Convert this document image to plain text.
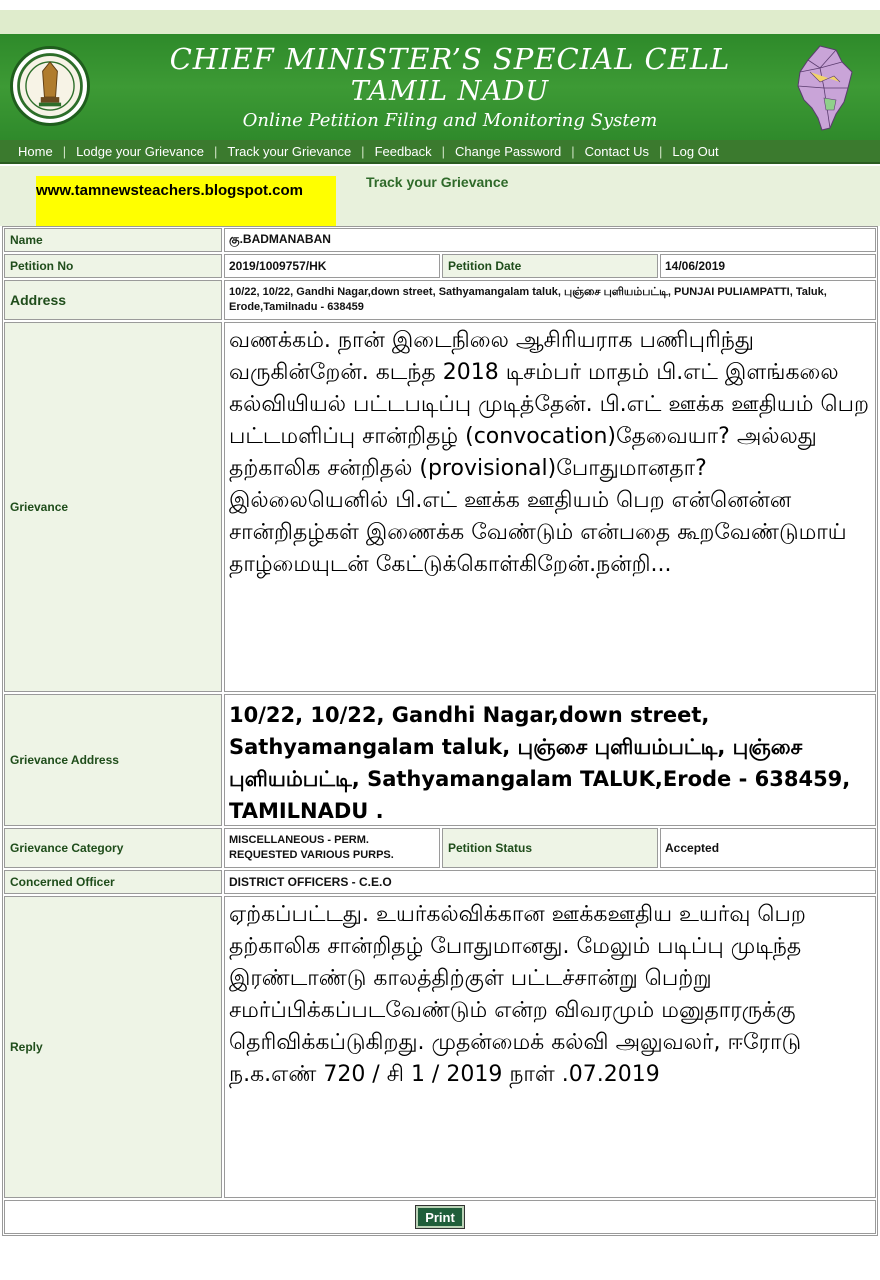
CHIEF MINISTER’S SPECIAL CELL
TAMIL NADU
Online Petition Filing and Monitoring System
Home | Lodge your Grievance | Track your Grievance | Feedback | Change Password | Contact Us | Log Out
www.tamnewsteachers.blogspot.com	Track your Grievance
Name	கு.BADMANABAN
Petition No	2019/1009757/HK	Petition Date	14/06/2019
Address	10/22, 10/22, Gandhi Nagar,down street, Sathyamangalam taluk, புஞ்சை புளியம்பட்டி, PUNJAI PULIAMPATTI, Taluk, Erode,Tamilnadu - 638459
Grievance
வணக்கம். நான் இடைநிலை ஆசிரியராக பணிபுரிந்து வருகின்றேன். கடந்த 2018 டிசம்பர் மாதம் பி.எட் இளங்கலை கல்வியியல் பட்டபடிப்பு முடித்தேன். பி.எட் ஊக்க ஊதியம் பெற பட்டமளிப்பு சான்றிதழ் (convocation)தேவையா? அல்லது தற்காலிக சன்றிதல் (provisional)போதுமானதா? இல்லையெனில் பி.எட் ஊக்க ஊதியம் பெற என்னென்ன சான்றிதழ்கள் இணைக்க வேண்டும் என்பதை கூறவேண்டுமாய் தாழ்மையுடன் கேட்டுக்கொள்கிறேன்.நன்றி...
Grievance Address
10/22, 10/22, Gandhi Nagar,down street, Sathyamangalam taluk, புஞ்சை புளியம்பட்டி, புஞ்சை புளியம்பட்டி, Sathyamangalam TALUK,Erode - 638459, TAMILNADU .
Grievance Category
MISCELLANEOUS - PERM. REQUESTED VARIOUS PURPS.	Petition Status	Accepted
Concerned Officer	DISTRICT OFFICERS - C.E.O
Reply
ஏற்கப்பட்டது. உயர்கல்விக்கான ஊக்கஊதிய உயர்வு பெற தற்காலிக சான்றிதழ் போதுமானது. மேலும் படிப்பு முடிந்த இரண்டாண்டு காலத்திற்குள் பட்டச்சான்று பெற்று சமர்ப்பிக்கப்படவேண்டும் என்ற விவரமும் மனுதாரருக்கு தெரிவிக்கப்டுகிறது. முதன்மைக் கல்வி அலுவலர், ஈரோடு ந.க.எண் 720 / சி 1 / 2019 நாள் .07.2019
Print
